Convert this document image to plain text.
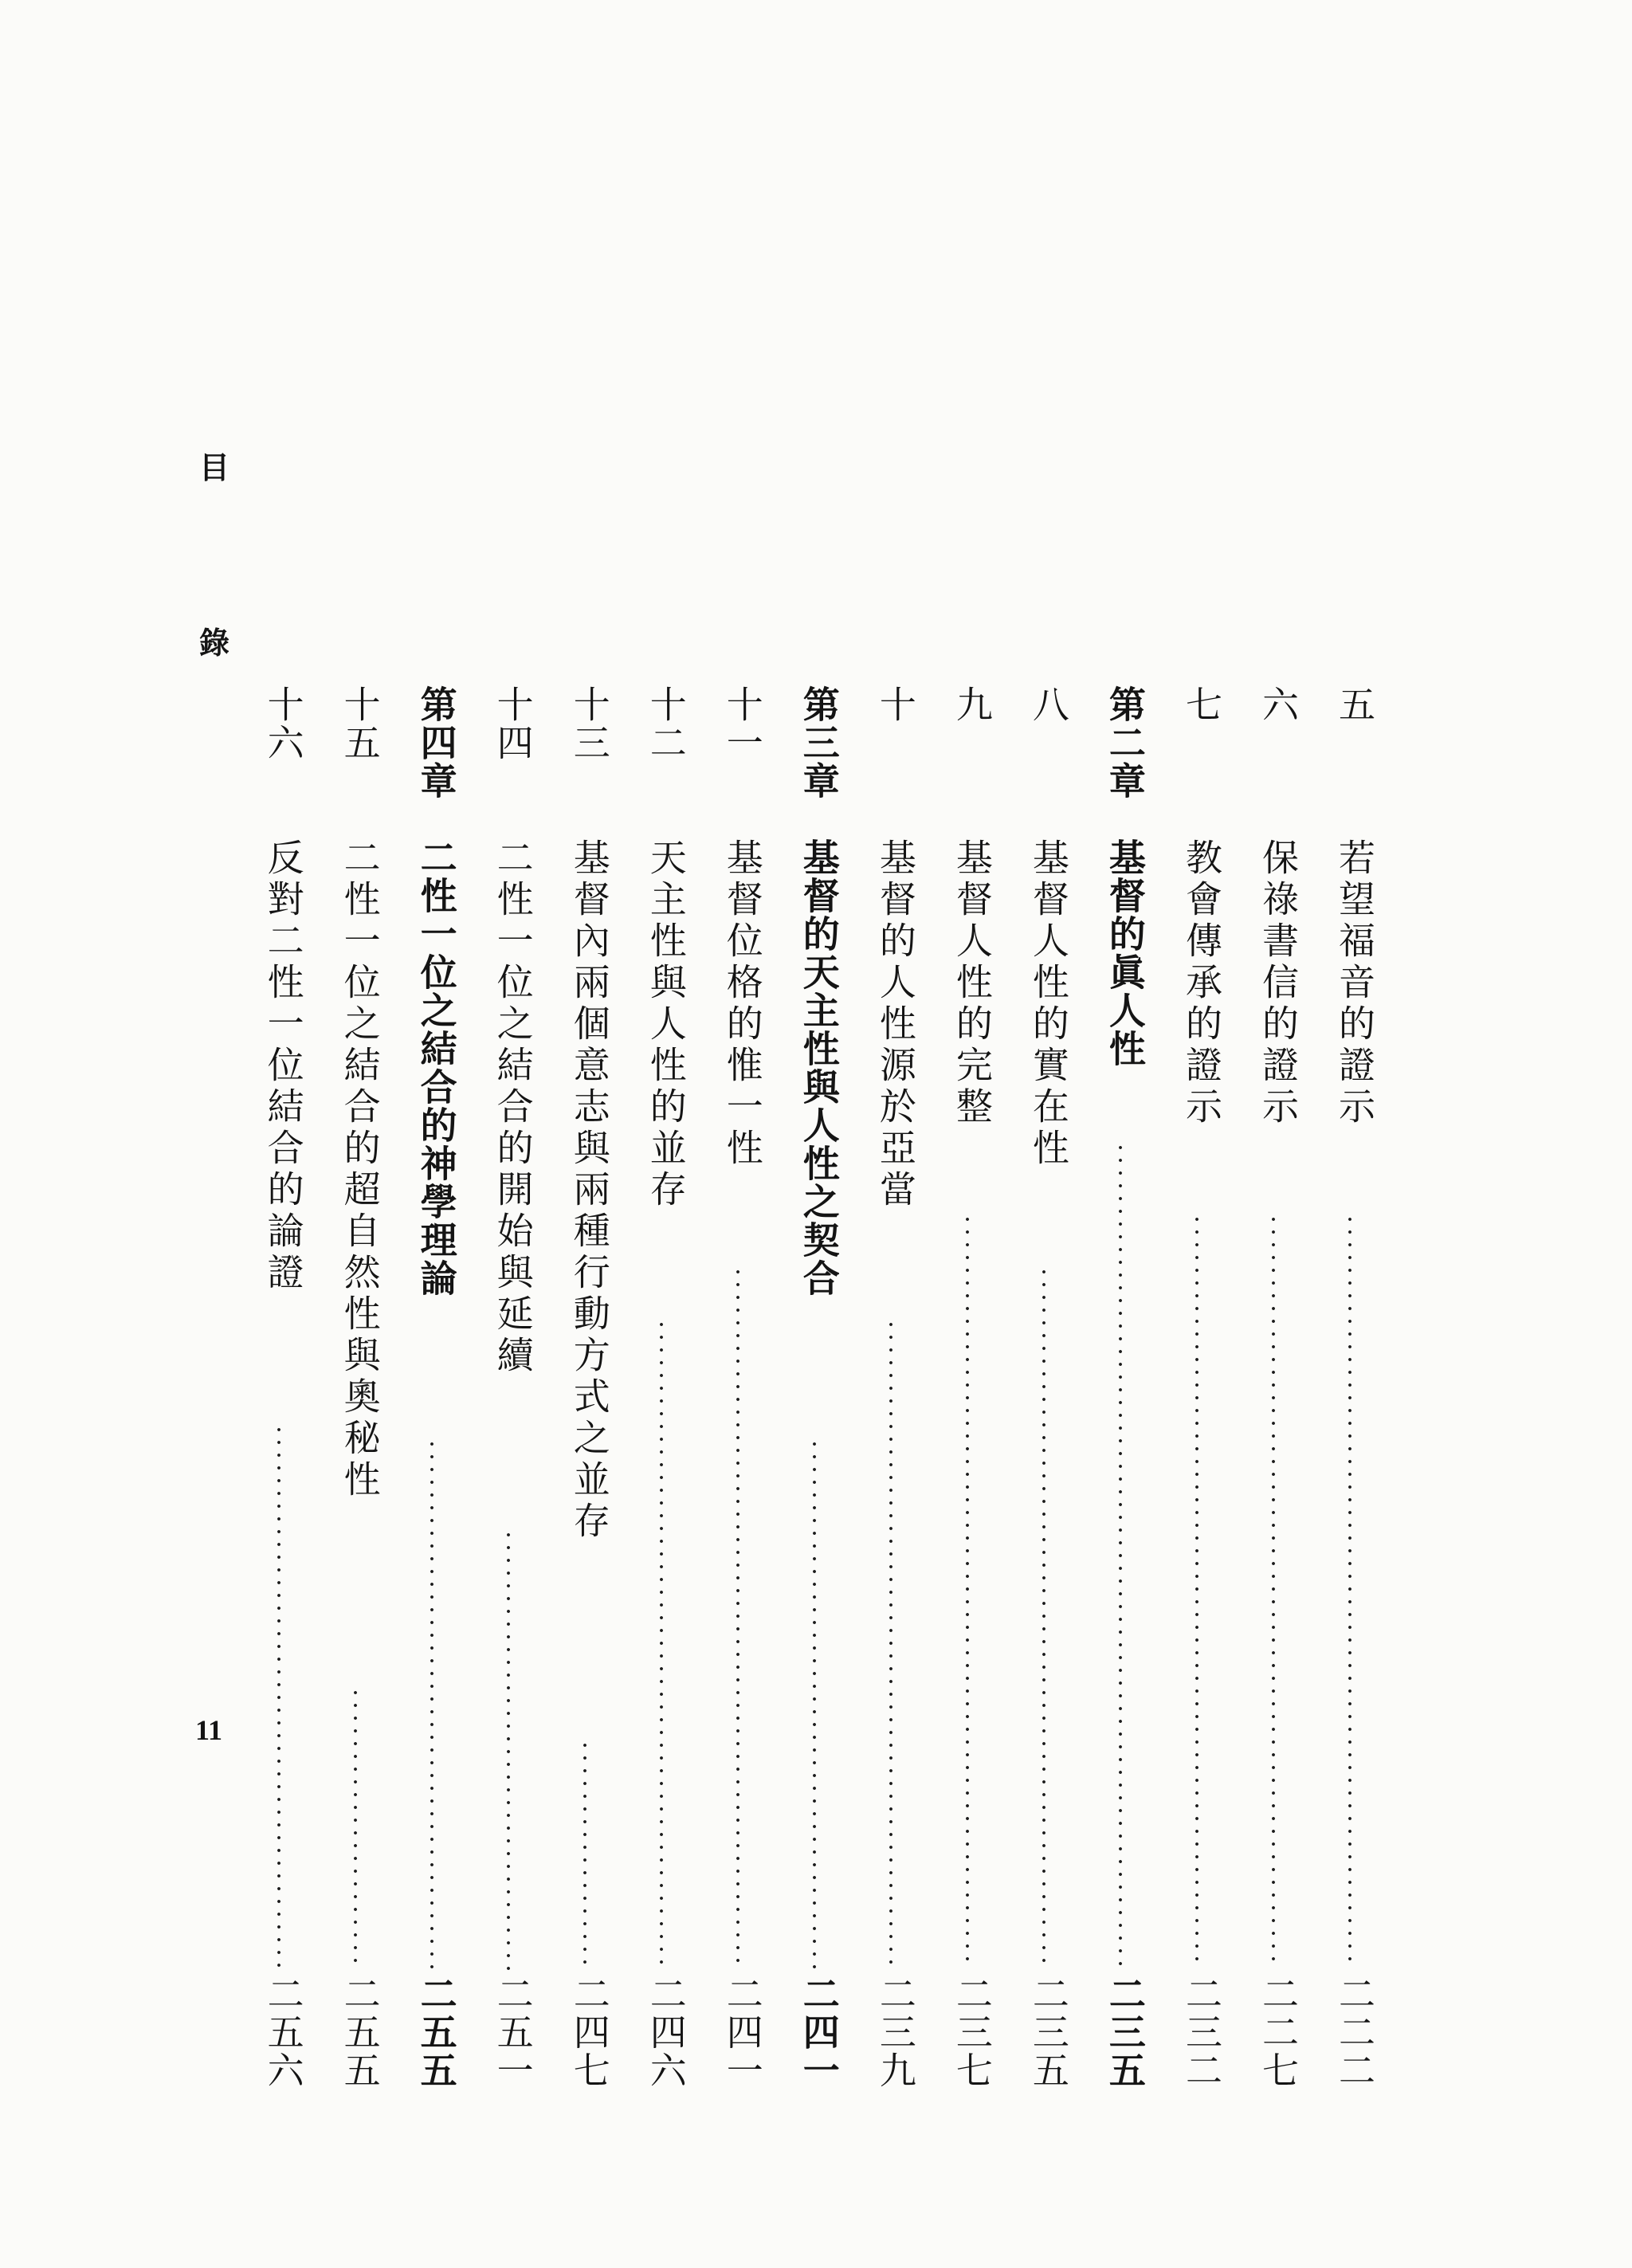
目
錄
11
五
若望福音的證示
二二二
六
保祿書信的證示
二二七
七
教會傳承的證示
二三二
第二章
基督的眞人性
二三五
八
基督人性的實在性
二三五
九
基督人性的完整
二三七
十
基督的人性源於亞當
二三九
第三章
基督的天主性與人性之契合
二四一
十一
基督位格的惟一性
二四一
十二
天主性與人性的並存
二四六
十三
基督內兩個意志與兩種行動方式之並存
二四七
十四
二性一位之結合的開始與延續
二五一
第四章
二性一位之結合的神學理論
二五五
十五
二性一位之結合的超自然性與奧秘性
二五五
十六
反對二性一位結合的論證
二五六
